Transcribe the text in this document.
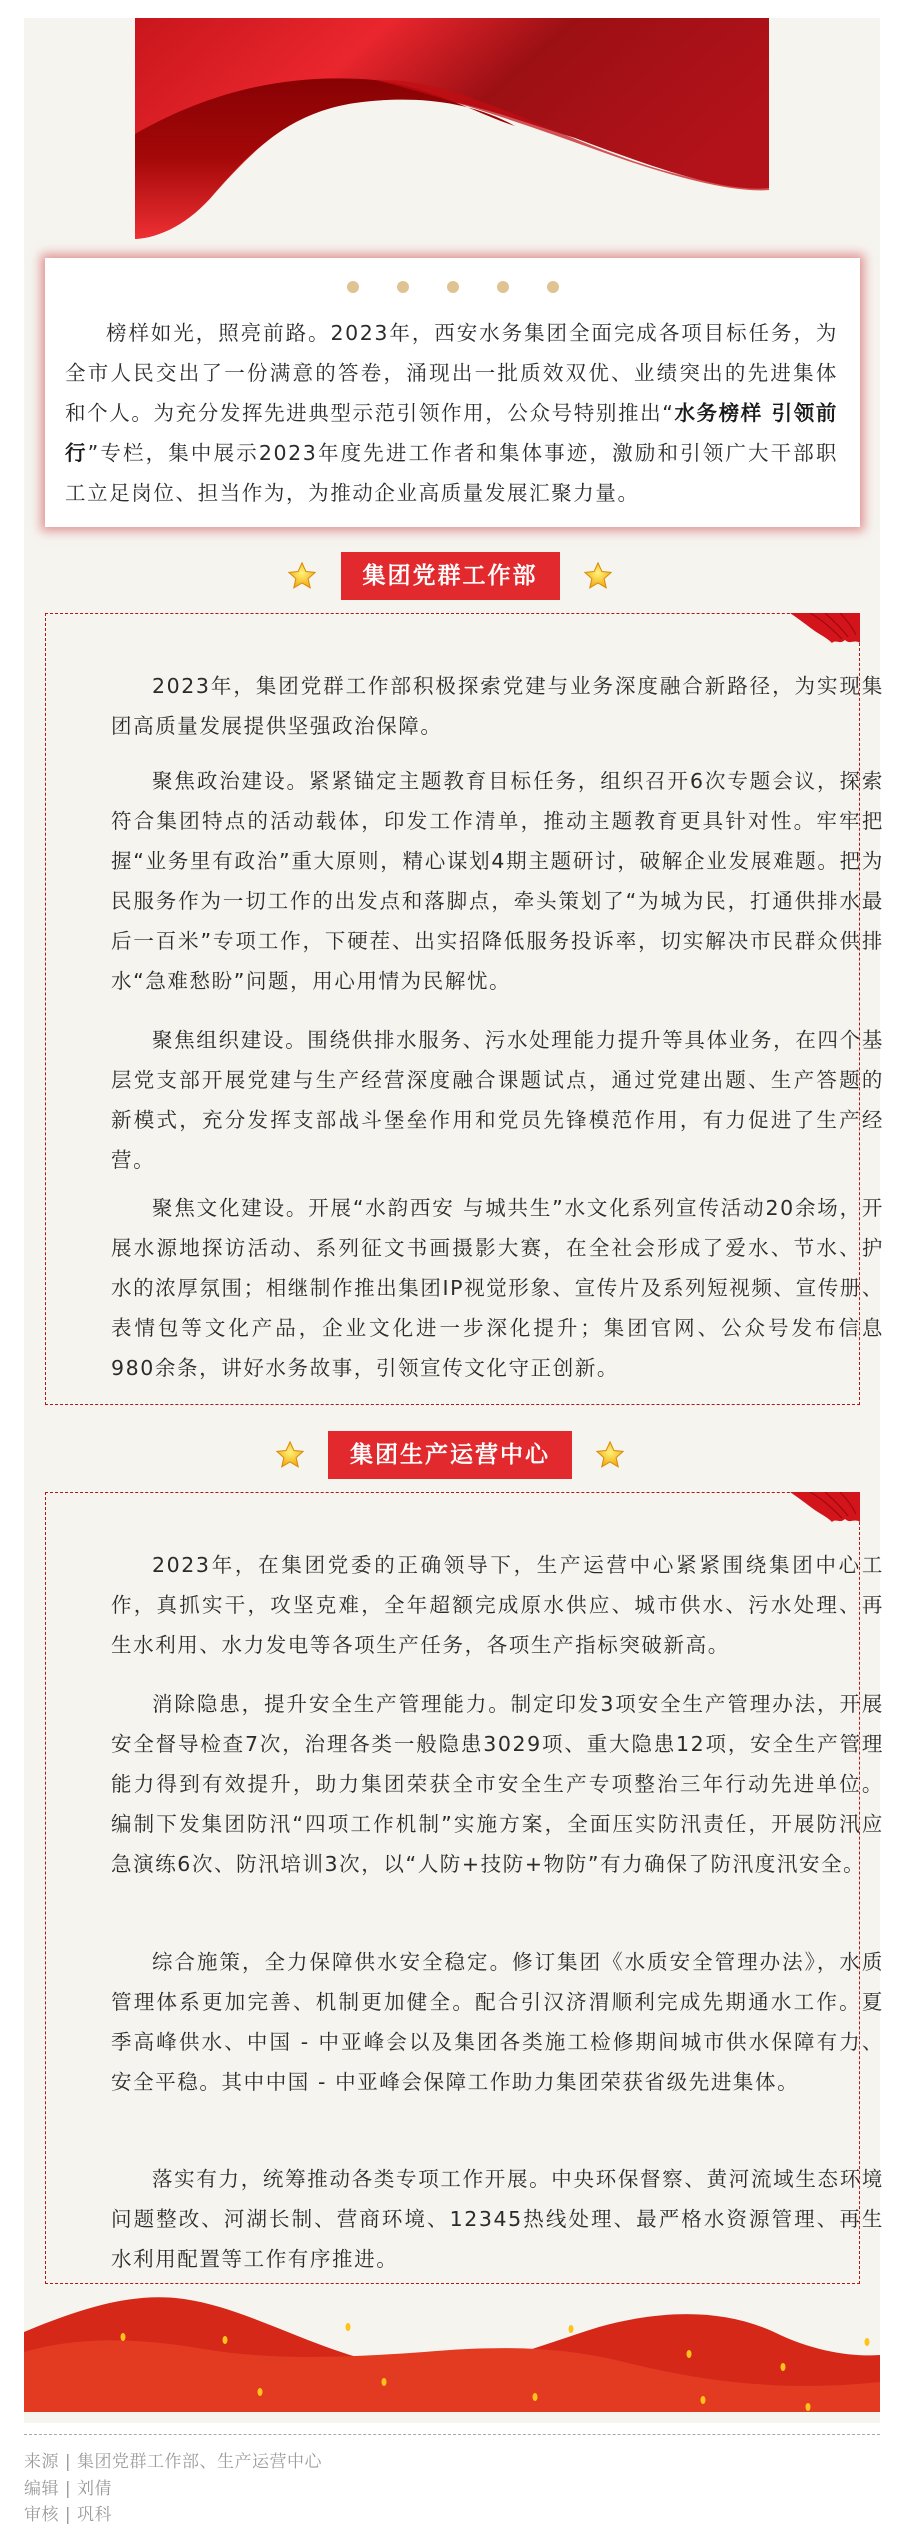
榜样如光，照亮前路。2023年，西安水务集团全面完成各项目标任务，为全市人民交出了一份满意的答卷，涌现出一批质效双优、业绩突出的先进集体和个人。为充分发挥先进典型示范引领作用，公众号特别推出“水务榜样 引领前行”专栏，集中展示2023年度先进工作者和集体事迹，激励和引领广大干部职工立足岗位、担当作为，为推动企业高质量发展汇聚力量。

集团党群工作部

2023年，集团党群工作部积极探索党建与业务深度融合新路径，为实现集团高质量发展提供坚强政治保障。

聚焦政治建设。紧紧锚定主题教育目标任务，组织召开6次专题会议，探索符合集团特点的活动载体，印发工作清单，推动主题教育更具针对性。牢牢把握“业务里有政治”重大原则，精心谋划4期主题研讨，破解企业发展难题。把为民服务作为一切工作的出发点和落脚点，牵头策划了“为城为民，打通供排水最后一百米”专项工作，下硬茬、出实招降低服务投诉率，切实解决市民群众供排水“急难愁盼”问题，用心用情为民解忧。

聚焦组织建设。围绕供排水服务、污水处理能力提升等具体业务，在四个基层党支部开展党建与生产经营深度融合课题试点，通过党建出题、生产答题的新模式，充分发挥支部战斗堡垒作用和党员先锋模范作用，有力促进了生产经营。

聚焦文化建设。开展“水韵西安 与城共生”水文化系列宣传活动20余场，开展水源地探访活动、系列征文书画摄影大赛，在全社会形成了爱水、节水、护水的浓厚氛围；相继制作推出集团IP视觉形象、宣传片及系列短视频、宣传册、表情包等文化产品，企业文化进一步深化提升；集团官网、公众号发布信息980余条，讲好水务故事，引领宣传文化守正创新。

集团生产运营中心

2023年，在集团党委的正确领导下，生产运营中心紧紧围绕集团中心工作，真抓实干，攻坚克难，全年超额完成原水供应、城市供水、污水处理、再生水利用、水力发电等各项生产任务，各项生产指标突破新高。

消除隐患，提升安全生产管理能力。制定印发3项安全生产管理办法，开展安全督导检查7次，治理各类一般隐患3029项、重大隐患12项，安全生产管理能力得到有效提升，助力集团荣获全市安全生产专项整治三年行动先进单位。编制下发集团防汛“四项工作机制”实施方案，全面压实防汛责任，开展防汛应急演练6次、防汛培训3次，以“人防+技防+物防”有力确保了防汛度汛安全。

综合施策，全力保障供水安全稳定。修订集团《水质安全管理办法》，水质管理体系更加完善、机制更加健全。配合引汉济渭顺利完成先期通水工作。夏季高峰供水、中国 - 中亚峰会以及集团各类施工检修期间城市供水保障有力、安全平稳。其中中国 - 中亚峰会保障工作助力集团荣获省级先进集体。

落实有力，统筹推动各类专项工作开展。中央环保督察、黄河流域生态环境问题整改、河湖长制、营商环境、12345热线处理、最严格水资源管理、再生水利用配置等工作有序推进。

来源 | 集团党群工作部、生产运营中心
编辑 | 刘倩
审核 | 巩科
